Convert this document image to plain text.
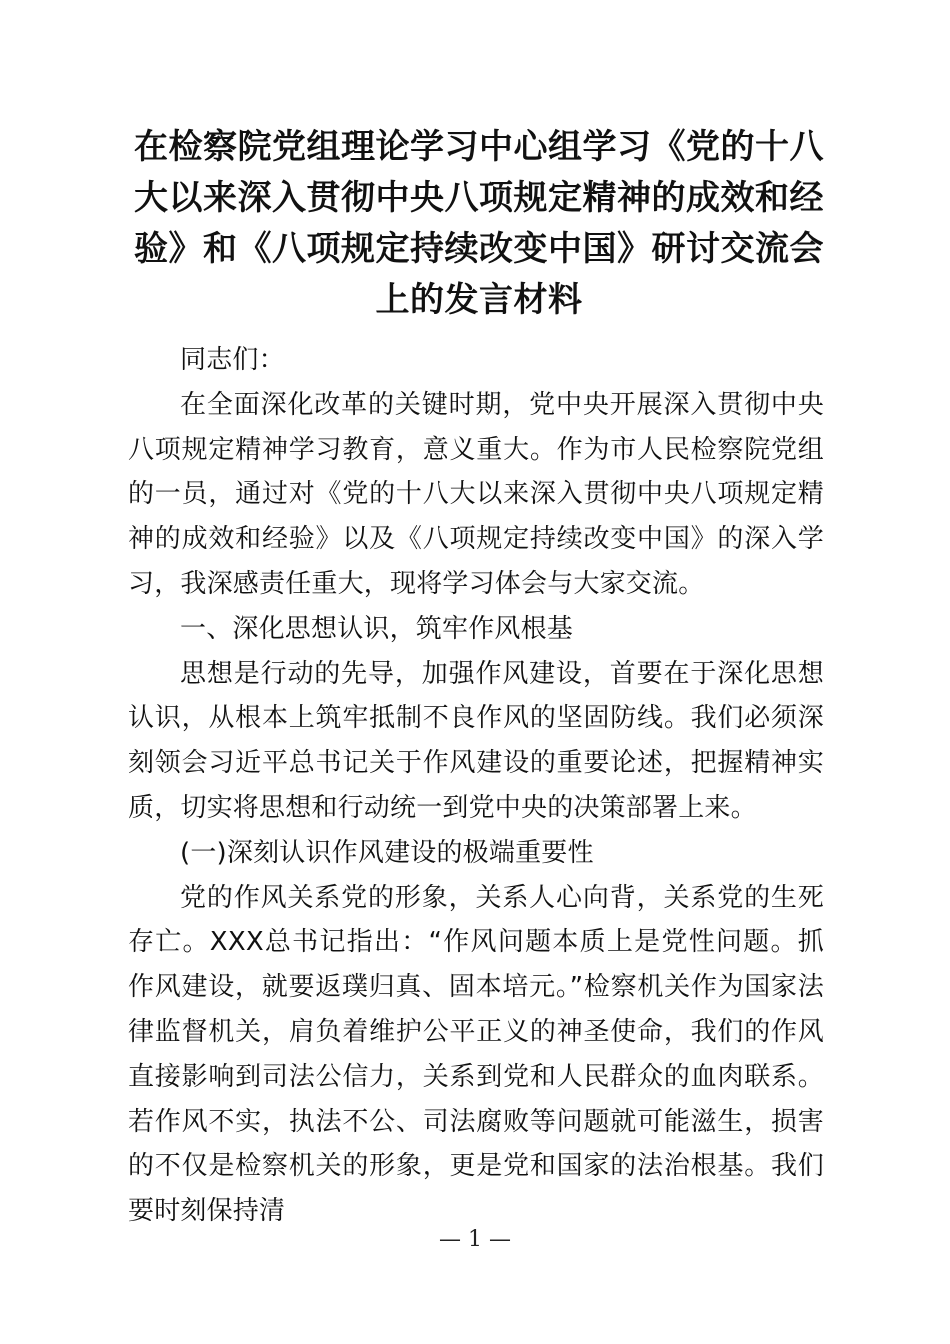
在检察院党组理论学习中心组学习《党的十八大以来深入贯彻中央八项规定精神的成效和经验》和《八项规定持续改变中国》研讨交流会上的发言材料

同志们：

在全面深化改革的关键时期，党中央开展深入贯彻中央八项规定精神学习教育，意义重大。作为市人民检察院党组的一员，通过对《党的十八大以来深入贯彻中央八项规定精神的成效和经验》以及《八项规定持续改变中国》的深入学习，我深感责任重大，现将学习体会与大家交流。

一、深化思想认识，筑牢作风根基

思想是行动的先导，加强作风建设，首要在于深化思想认识，从根本上筑牢抵制不良作风的坚固防线。我们必须深刻领会习近平总书记关于作风建设的重要论述，把握精神实质，切实将思想和行动统一到党中央的决策部署上来。

(一)深刻认识作风建设的极端重要性

党的作风关系党的形象，关系人心向背，关系党的生死存亡。XXX总书记指出：“作风问题本质上是党性问题。抓作风建设，就要返璞归真、固本培元。”检察机关作为国家法律监督机关，肩负着维护公平正义的神圣使命，我们的作风直接影响到司法公信力，关系到党和人民群众的血肉联系。若作风不实，执法不公、司法腐败等问题就可能滋生，损害的不仅是检察机关的形象，更是党和国家的法治根基。我们要时刻保持清

— 1 —
